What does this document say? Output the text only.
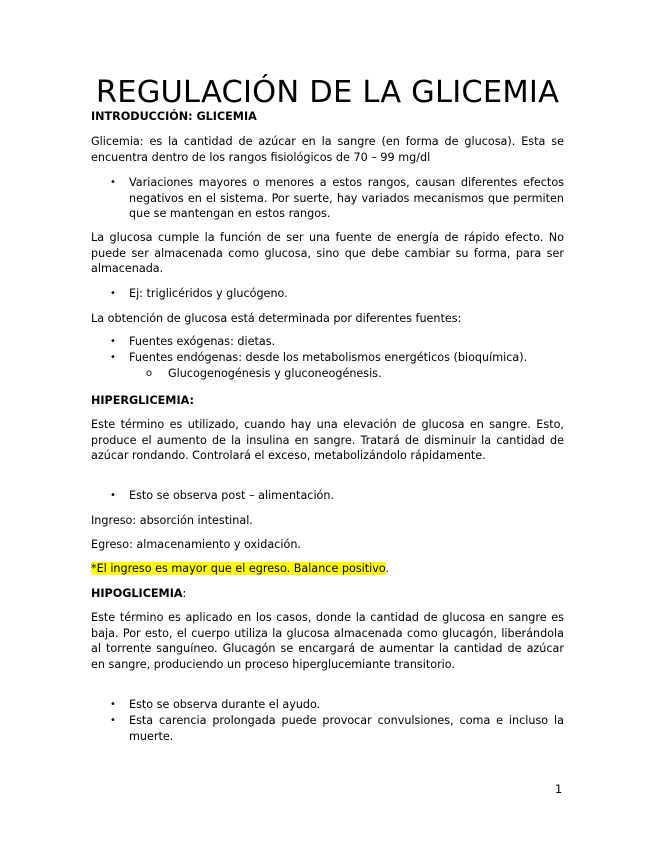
REGULACIÓN DE LA GLICEMIA
INTRODUCCIÓN: GLICEMIA
Glicemia: es la cantidad de azúcar en la sangre (en forma de glucosa). Esta se encuentra dentro de los rangos fisiológicos de 70 – 99 mg/dl
• Variaciones mayores o menores a estos rangos, causan diferentes efectos negativos en el sistema. Por suerte, hay variados mecanismos que permiten que se mantengan en estos rangos.
La glucosa cumple la función de ser una fuente de energía de rápido efecto. No puede ser almacenada como glucosa, sino que debe cambiar su forma, para ser almacenada.
• Ej: triglicéridos y glucógeno.
La obtención de glucosa está determinada por diferentes fuentes:
• Fuentes exógenas: dietas.
• Fuentes endógenas: desde los metabolismos energéticos (bioquímica).
o Glucogenogénesis y gluconeogénesis.
HIPERGLICEMIA:
Este término es utilizado, cuando hay una elevación de glucosa en sangre. Esto, produce el aumento de la insulina en sangre. Tratará de disminuir la cantidad de azúcar rondando. Controlará el exceso, metabolizándolo rápidamente.
• Esto se observa post – alimentación.
Ingreso: absorción intestinal.
Egreso: almacenamiento y oxidación.
*El ingreso es mayor que el egreso. Balance positivo.
HIPOGLICEMIA:
Este término es aplicado en los casos, donde la cantidad de glucosa en sangre es baja. Por esto, el cuerpo utiliza la glucosa almacenada como glucagón, liberándola al torrente sanguíneo. Glucagón se encargará de aumentar la cantidad de azúcar en sangre, produciendo un proceso hiperglucemiante transitorio.
• Esto se observa durante el ayudo.
• Esta carencia prolongada puede provocar convulsiones, coma e incluso la muerte.
1
